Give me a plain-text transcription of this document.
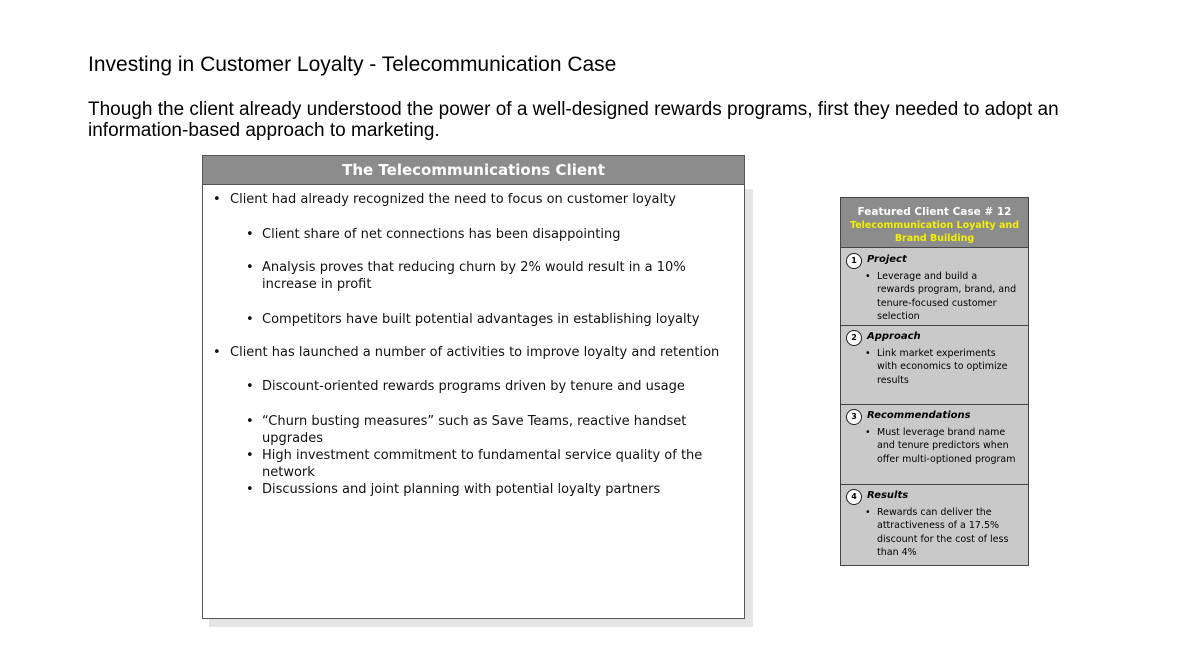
Investing in Customer Loyalty - Telecommunication Case
Though the client already understood the power of a well-designed rewards programs, first they needed to adopt an information-based approach to marketing.
The Telecommunications Client
• Client had already recognized the need to focus on customer loyalty
• Client share of net connections has been disappointing
• Analysis proves that reducing churn by 2% would result in a 10% increase in profit
• Competitors have built potential advantages in establishing loyalty
• Client has launched a number of activities to improve loyalty and retention
• Discount-oriented rewards programs driven by tenure and usage
• “Churn busting measures” such as Save Teams, reactive handset upgrades
• High investment commitment to fundamental service quality of the network
• Discussions and joint planning with potential loyalty partners
Featured Client Case # 12
Telecommunication Loyalty and Brand Building
1	Project
• Leverage and build a rewards program, brand, and tenure-focused customer selection
2	Approach
• Link market experiments with economics to optimize results
3	Recommendations
• Must leverage brand name and tenure predictors when offer multi-optioned program
4	Results
• Rewards can deliver the attractiveness of a 17.5% discount for the cost of less than 4%
